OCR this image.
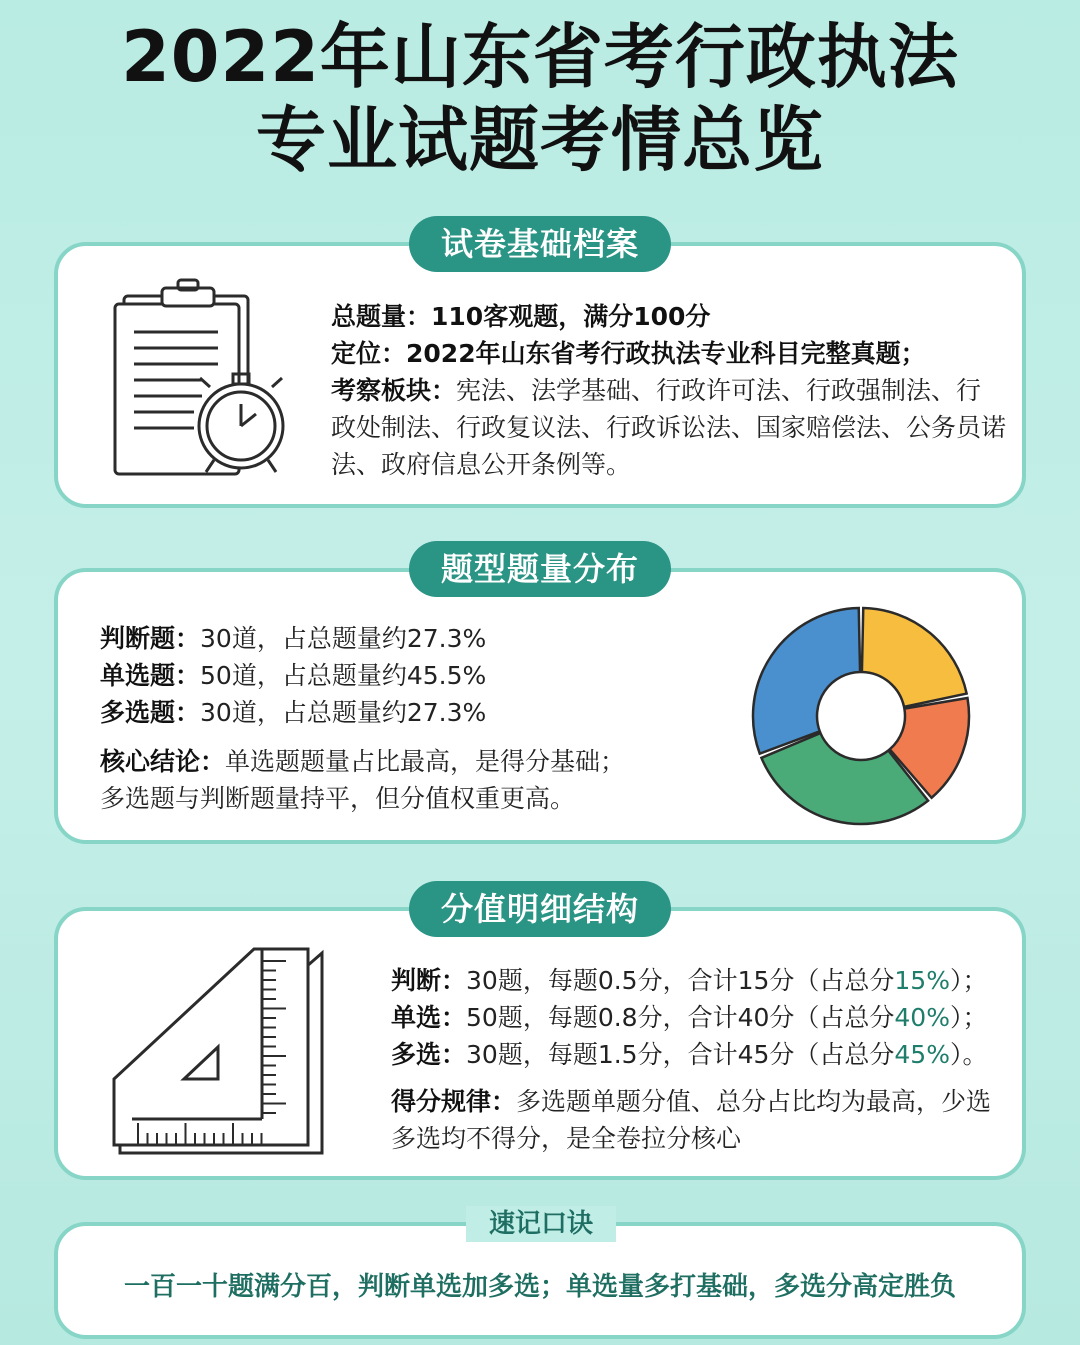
2022年山东省考行政执法
专业试题考情总览
总题量：110客观题，满分100分
定位：2022年山东省考行政执法专业科目完整真题；
考察板块：宪法、法学基础、行政许可法、行政强制法、行政处制法、行政复议法、行政诉讼法、国家赔偿法、公务员诺法、政府信息公开条例等。
试卷基础档案
判断题：30道，占总题量约27.3%
单选题：50道，占总题量约45.5%
多选题：30道，占总题量约27.3%
核心结论：单选题题量占比最高，是得分基础；
多选题与判断题量持平，但分值权重更高。
题型题量分布
判断：30题，每题0.5分，合计15分（占总分15%）；
单选：50题，每题0.8分，合计40分（占总分40%）；
多选：30题，每题1.5分，合计45分（占总分45%）。
得分规律：多选题单题分值、总分占比均为最高，少选
多选均不得分，是全卷拉分核心
分值明细结构
一百一十题满分百，判断单选加多选；单选量多打基础，多选分高定胜负
速记口诀
